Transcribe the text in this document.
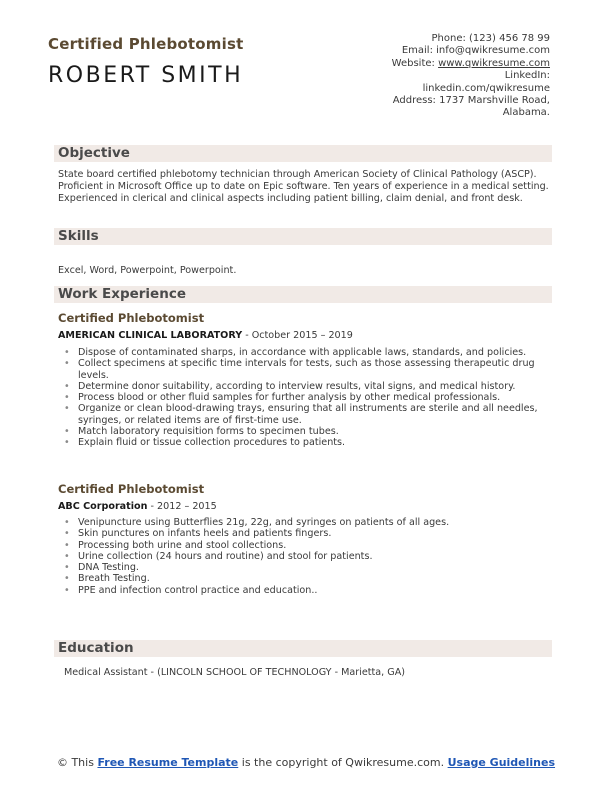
Certified Phlebotomist
ROBERT SMITH
Phone: (123) 456 78 99
Email: info@qwikresume.com
Website: www.qwikresume.com
LinkedIn:
linkedin.com/qwikresume
Address: 1737 Marshville Road,
Alabama.
Objective
State board certified phlebotomy technician through American Society of Clinical Pathology (ASCP). Proficient in Microsoft Office up to date on Epic software. Ten years of experience in a medical setting. Experienced in clerical and clinical aspects including patient billing, claim denial, and front desk.
Skills
Excel, Word, Powerpoint, Powerpoint.
Work Experience
Certified Phlebotomist
AMERICAN CLINICAL LABORATORY - October 2015 – 2019
• Dispose of contaminated sharps, in accordance with applicable laws, standards, and policies.
• Collect specimens at specific time intervals for tests, such as those assessing therapeutic drug levels.
• Determine donor suitability, according to interview results, vital signs, and medical history.
• Process blood or other fluid samples for further analysis by other medical professionals.
• Organize or clean blood-drawing trays, ensuring that all instruments are sterile and all needles, syringes, or related items are of first-time use.
• Match laboratory requisition forms to specimen tubes.
• Explain fluid or tissue collection procedures to patients.
Certified Phlebotomist
ABC Corporation - 2012 – 2015
• Venipuncture using Butterflies 21g, 22g, and syringes on patients of all ages.
• Skin punctures on infants heels and patients fingers.
• Processing both urine and stool collections.
• Urine collection (24 hours and routine) and stool for patients.
• DNA Testing.
• Breath Testing.
• PPE and infection control practice and education..
Education
Medical Assistant - (LINCOLN SCHOOL OF TECHNOLOGY - Marietta, GA)
© This Free Resume Template is the copyright of Qwikresume.com. Usage Guidelines
